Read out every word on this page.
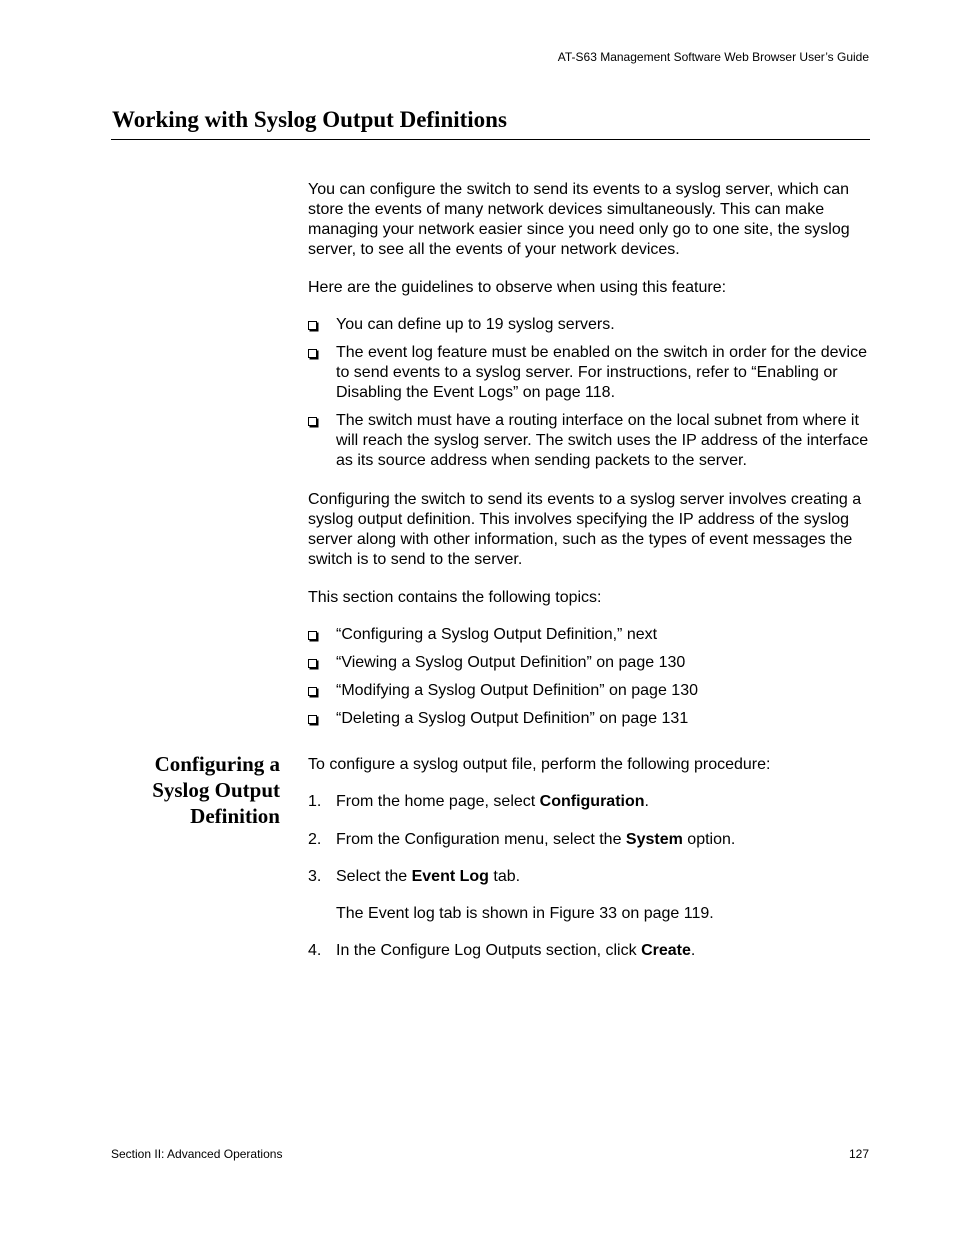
AT-S63 Management Software Web Browser User’s Guide
Working with Syslog Output Definitions

You can configure the switch to send its events to a syslog server, which can store the events of many network devices simultaneously. This can make managing your network easier since you need only go to one site, the syslog server, to see all the events of your network devices.

Here are the guidelines to observe when using this feature:

You can define up to 19 syslog servers.
The event log feature must be enabled on the switch in order for the device to send events to a syslog server. For instructions, refer to “Enabling or Disabling the Event Logs” on page 118.
The switch must have a routing interface on the local subnet from where it will reach the syslog server. The switch uses the IP address of the interface as its source address when sending packets to the server.

Configuring the switch to send its events to a syslog server involves creating a syslog output definition. This involves specifying the IP address of the syslog server along with other information, such as the types of event messages the switch is to send to the server.

This section contains the following topics:

“Configuring a Syslog Output Definition,” next
“Viewing a Syslog Output Definition” on page 130
“Modifying a Syslog Output Definition” on page 130
“Deleting a Syslog Output Definition” on page 131
Configuring a
Syslog Output
Definition

To configure a syslog output file, perform the following procedure:

1. From the home page, select Configuration.
2. From the Configuration menu, select the System option.
3. Select the Event Log tab.
The Event log tab is shown in Figure 33 on page 119.
4. In the Configure Log Outputs section, click Create.
Section II: Advanced Operations	127
